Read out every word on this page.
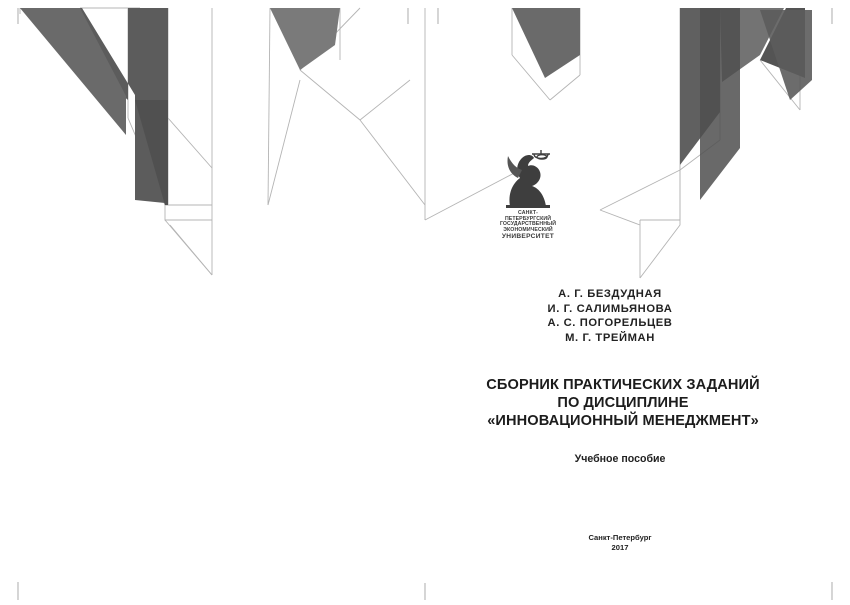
САНКТ-ПЕТЕРБУРГСКИЙ
ГОСУДАРСТВЕННЫЙ
ЭКОНОМИЧЕСКИЙ
УНИВЕРСИТЕТ
А. Г. БЕЗДУДНАЯ
И. Г. САЛИМЬЯНОВА
А. С. ПОГОРЕЛЬЦЕВ
М. Г. ТРЕЙМАН
СБОРНИК ПРАКТИЧЕСКИХ ЗАДАНИЙ
ПО ДИСЦИПЛИНЕ
«ИННОВАЦИОННЫЙ МЕНЕДЖМЕНТ»
Учебное пособие
Санкт-Петербург
2017
